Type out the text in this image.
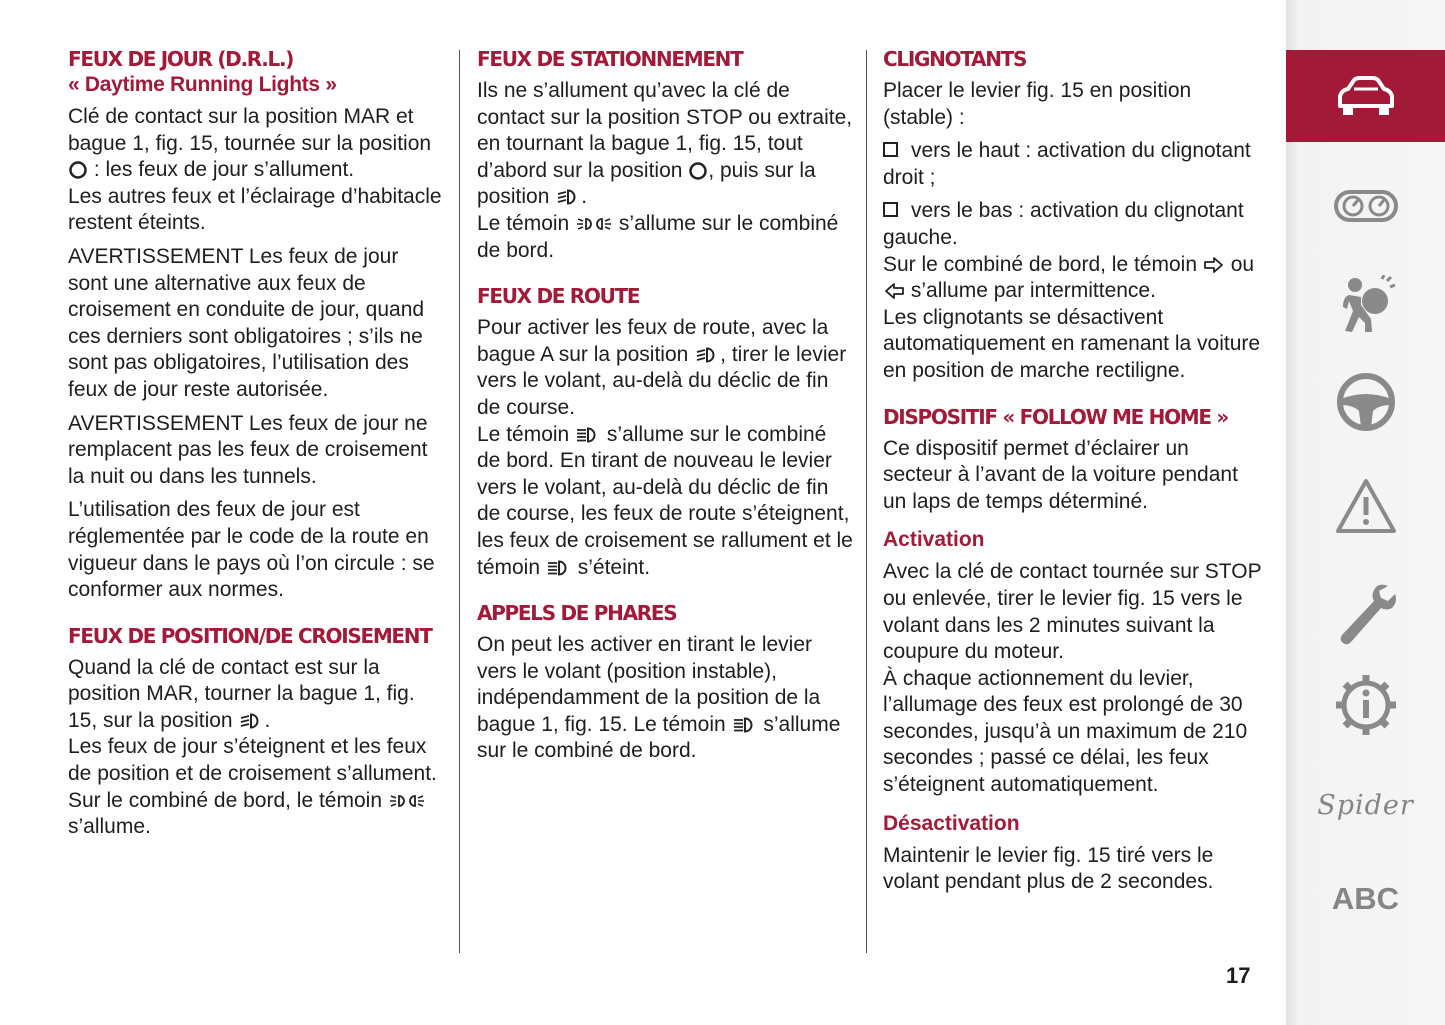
FEUX DE JOUR (D.R.L.)
« Daytime Running Lights »

Clé de contact sur la position MAR et bague 1, fig. 15, tournée sur la position

: les feux de jour s’allument.
Les autres feux et l’éclairage d’habitacle restent éteints.

AVERTISSEMENT Les feux de jour sont une alternative aux feux de croisement en conduite de jour, quand ces derniers sont obligatoires ; s’ils ne sont pas obligatoires, l’utilisation des feux de jour reste autorisée.

AVERTISSEMENT Les feux de jour ne remplacent pas les feux de croisement la nuit ou dans les tunnels.

L’utilisation des feux de jour est réglementée par le code de la route en vigueur dans le pays où l’on circule : se conformer aux normes.

FEUX DE POSITION/DE CROISEMENT

Quand la clé de contact est sur la position MAR, tourner la bague 1, fig. 15, sur la position .
Les feux de jour s’éteignent et les feux de position et de croisement s’allument.
Sur le combiné de bord, le témoin

s’allume.

FEUX DE STATIONNEMENT

Ils ne s’allument qu’avec la clé de contact sur la position STOP ou extraite, en tournant la bague 1, fig. 15, tout d’abord sur la position , puis sur la position .
Le témoin s’allume sur le combiné de bord.

FEUX DE ROUTE

Pour activer les feux de route, avec la bague A sur la position , tirer le levier vers le volant, au-delà du déclic de fin de course.
Le témoin s’allume sur le combiné de bord. En tirant de nouveau le levier vers le volant, au-delà du déclic de fin de course, les feux de route s’éteignent, les feux de croisement se rallument et le témoin s’éteint.

APPELS DE PHARES

On peut les activer en tirant le levier vers le volant (position instable), indépendamment de la position de la bague 1, fig. 15. Le témoin s’allume sur le combiné de bord.

CLIGNOTANTS

Placer le levier fig. 15 en position (stable) :

vers le haut : activation du clignotant droit ;

vers le bas : activation du clignotant gauche.

Sur le combiné de bord, le témoin ou

s’allume par intermittence.
Les clignotants se désactivent automatiquement en ramenant la voiture en position de marche rectiligne.

DISPOSITIF « FOLLOW ME HOME »

Ce dispositif permet d’éclairer un secteur à l’avant de la voiture pendant un laps de temps déterminé.

Activation

Avec la clé de contact tournée sur STOP ou enlevée, tirer le levier fig. 15 vers le volant dans les 2 minutes suivant la coupure du moteur.
À chaque actionnement du levier, l’allumage des feux est prolongé de 30 secondes, jusqu’à un maximum de 210 secondes ; passé ce délai, les feux s’éteignent automatiquement.

Désactivation

Maintenir le levier fig. 15 tiré vers le volant pendant plus de 2 secondes.

17
Spider
ABC
